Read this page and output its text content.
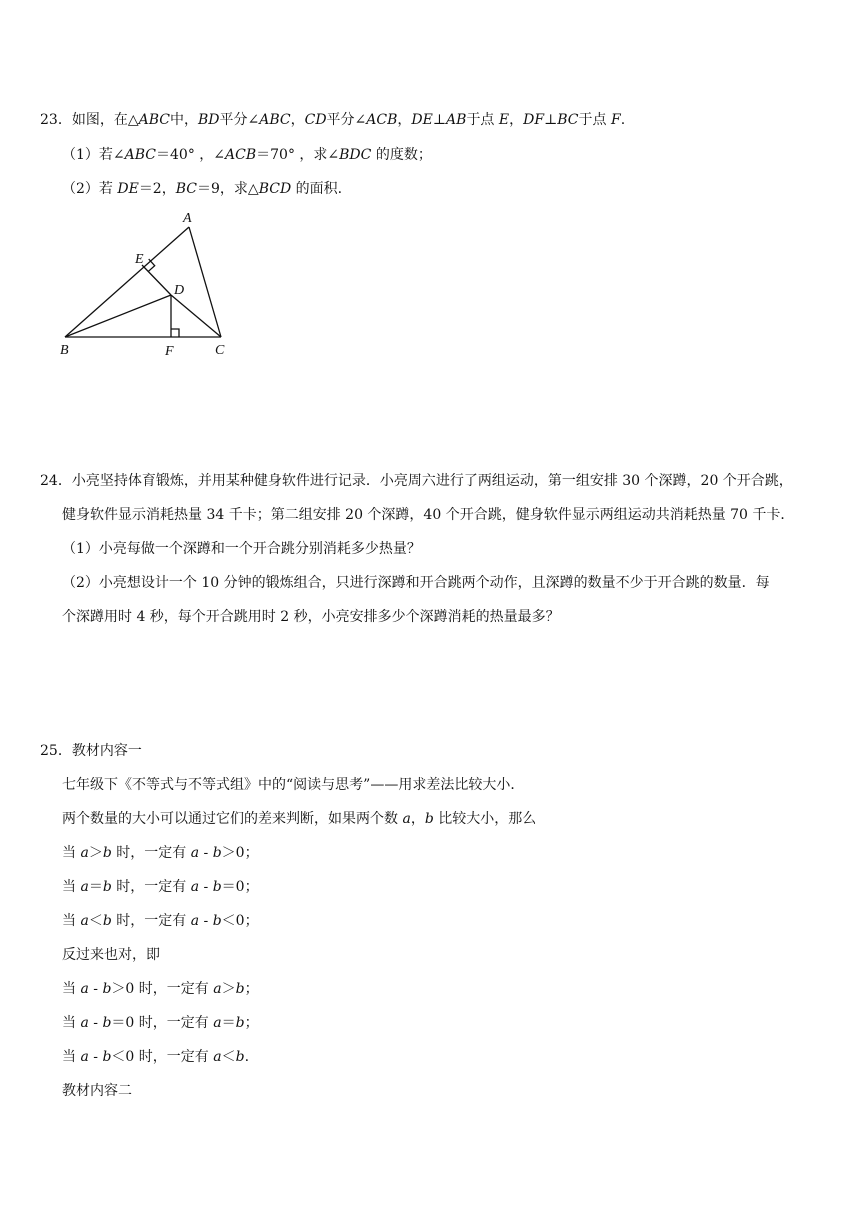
23．如图，在△ABC中，BD平分∠ABC，CD平分∠ACB，DE⊥AB于点 E，DF⊥BC于点 F.
（1）若∠ABC＝40° ，∠ACB＝70° ，求∠BDC 的度数；
（2）若 DE＝2，BC＝9，求△BCD 的面积.
A
B	C
D
E
F
24．小亮坚持体育锻炼，并用某种健身软件进行记录．小亮周六进行了两组运动，第一组安排 30 个深蹲，20 个开合跳，
健身软件显示消耗热量 34 千卡；第二组安排 20 个深蹲，40 个开合跳，健身软件显示两组运动共消耗热量 70 千卡．
（1）小亮每做一个深蹲和一个开合跳分别消耗多少热量？
（2）小亮想设计一个 10 分钟的锻炼组合，只进行深蹲和开合跳两个动作，且深蹲的数量不少于开合跳的数量．每
个深蹲用时 4 秒，每个开合跳用时 2 秒，小亮安排多少个深蹲消耗的热量最多？
25．教材内容一
七年级下《不等式与不等式组》中的“阅读与思考”——用求差法比较大小．
两个数量的大小可以通过它们的差来判断，如果两个数 a，b 比较大小，那么
当 a＞b 时，一定有 a - b＞0；
当 a＝b 时，一定有 a - b＝0；
当 a＜b 时，一定有 a - b＜0；
反过来也对，即
当 a - b＞0 时，一定有 a＞b；
当 a - b＝0 时，一定有 a＝b；
当 a - b＜0 时，一定有 a＜b.
教材内容二
